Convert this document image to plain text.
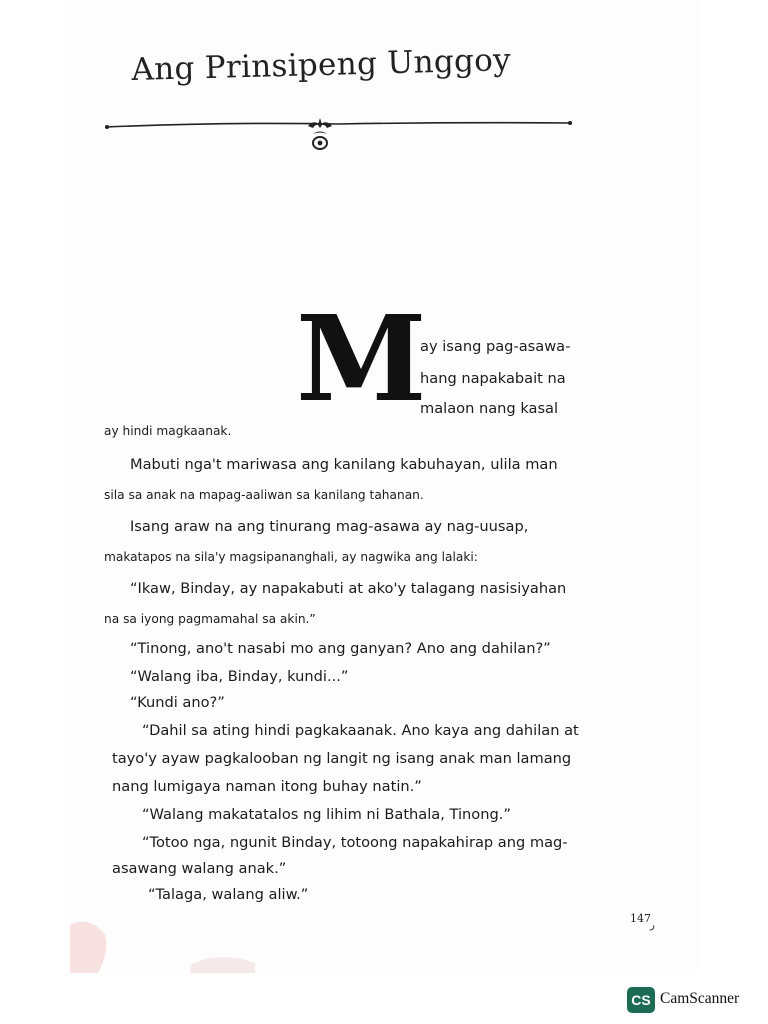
Ang Prinsipeng Unggoy
M
ay isang pag-asawa-
hang napakabait na
malaon nang kasal
ay hindi magkaanak.
Mabuti nga't mariwasa ang kanilang kabuhayan, ulila man
sila sa anak na mapag-aaliwan sa kanilang tahanan.
Isang araw na ang tinurang mag-asawa ay nag-uusap,
makatapos na sila'y magsipananghali, ay nagwika ang lalaki:
“Ikaw, Binday, ay napakabuti at ako'y talagang nasisiyahan
na sa iyong pagmamahal sa akin.”
“Tinong, ano't nasabi mo ang ganyan? Ano ang dahilan?”
“Walang iba, Binday, kundi...”
“Kundi ano?”
“Dahil sa ating hindi pagkakaanak. Ano kaya ang dahilan at
tayo'y ayaw pagkalooban ng langit ng isang anak man lamang
nang lumigaya naman itong buhay natin.”
“Walang makatatalos ng lihim ni Bathala, Tinong.”
“Totoo nga, ngunit Binday, totoong napakahirap ang mag-
asawang walang anak.”
“Talaga, walang aliw.”
147
ر‍
CS CamScanner
